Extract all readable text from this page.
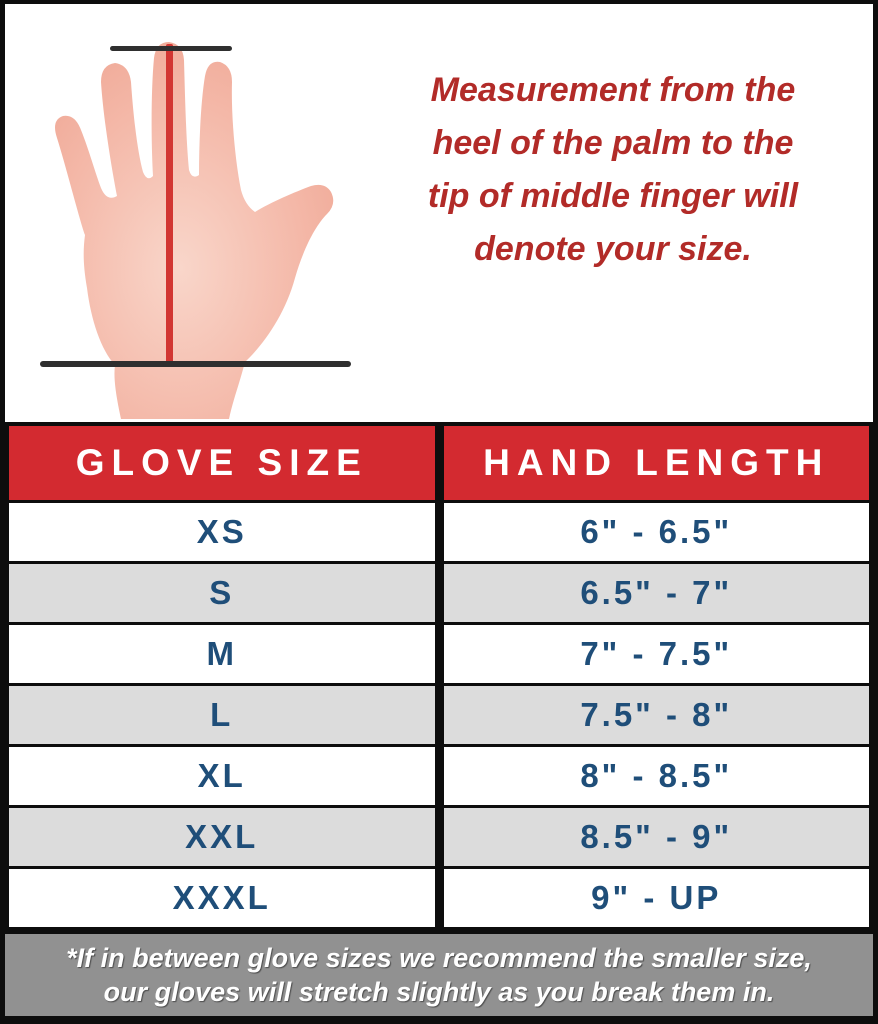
Measurement from the
heel of the palm to the
tip of middle finger will
denote your size.
GLOVE SIZE	HAND LENGTH
XS	6" - 6.5"
S	6.5" - 7"
M	7" - 7.5"
L	7.5" - 8"
XL	8" - 8.5"
XXL	8.5" - 9"
XXXL	9" - UP
*If in between glove sizes we recommend the smaller size,
our gloves will stretch slightly as you break them in.
